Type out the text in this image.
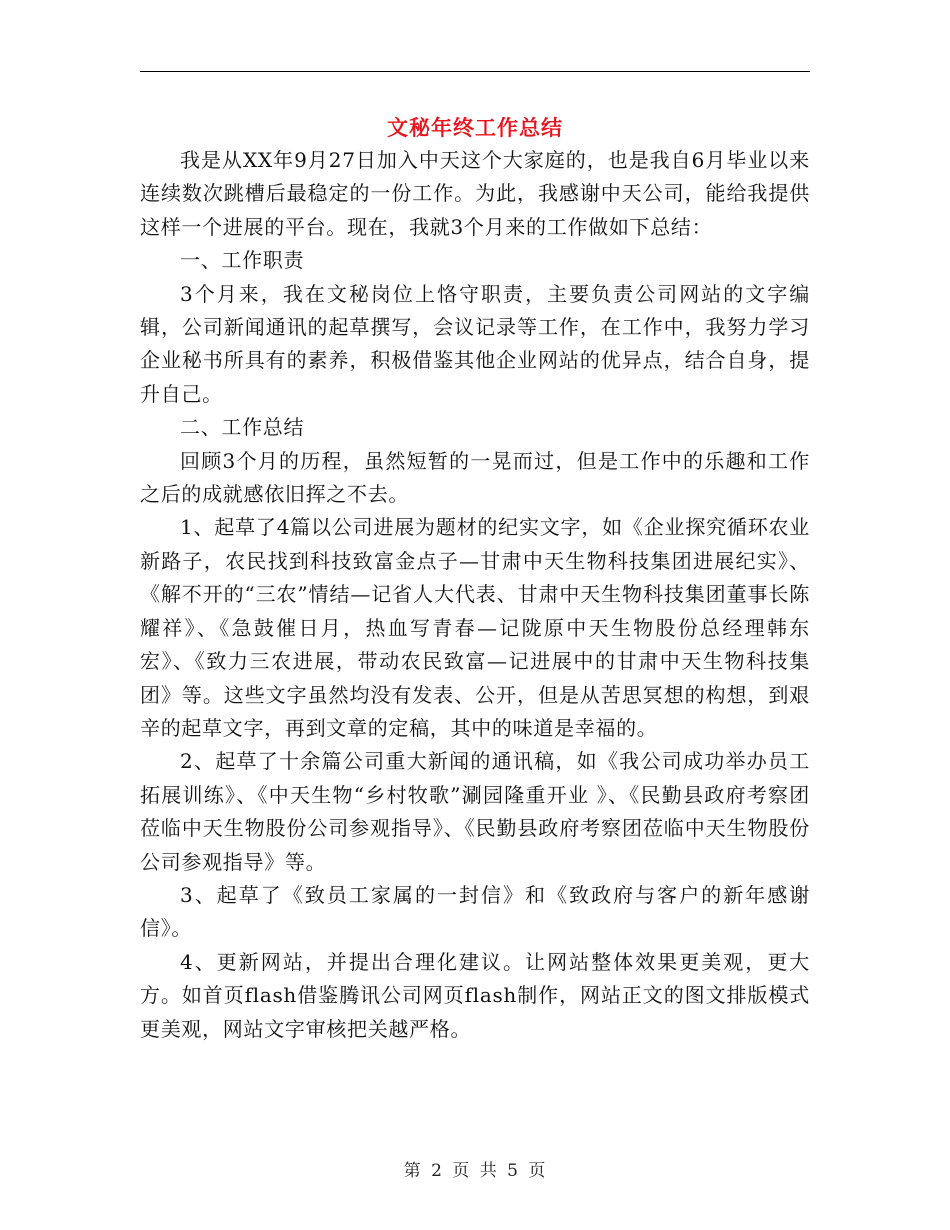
文秘年终工作总结

我是从XX年9月27日加入中天这个大家庭的，也是我自6月毕业以来连续数次跳槽后最稳定的一份工作。为此，我感谢中天公司，能给我提供这样一个进展的平台。现在，我就3个月来的工作做如下总结：

一、工作职责

3个月来，我在文秘岗位上恪守职责，主要负责公司网站的文字编辑，公司新闻通讯的起草撰写，会议记录等工作，在工作中，我努力学习企业秘书所具有的素养，积极借鉴其他企业网站的优异点，结合自身，提升自己。

二、工作总结

回顾3个月的历程，虽然短暂的一晃而过，但是工作中的乐趣和工作之后的成就感依旧挥之不去。

1、起草了4篇以公司进展为题材的纪实文字，如《企业探究循环农业新路子，农民找到科技致富金点子—甘肃中天生物科技集团进展纪实》、《解不开的“三农”情结—记省人大代表、甘肃中天生物科技集团董事长陈耀祥》、《急鼓催日月，热血写青春—记陇原中天生物股份总经理韩东宏》、《致力三农进展，带动农民致富—记进展中的甘肃中天生物科技集团》等。这些文字虽然均没有发表、公开，但是从苦思冥想的构想，到艰辛的起草文字，再到文章的定稿，其中的味道是幸福的。

2、起草了十余篇公司重大新闻的通讯稿，如《我公司成功举办员工拓展训练》、《中天生物“乡村牧歌”涮园隆重开业 》、《民勤县政府考察团莅临中天生物股份公司参观指导》、《民勤县政府考察团莅临中天生物股份公司参观指导》等。

3、起草了《致员工家属的一封信》和《致政府与客户的新年感谢信》。

4、更新网站，并提出合理化建议。让网站整体效果更美观，更大方。如首页flash借鉴腾讯公司网页flash制作，网站正文的图文排版模式更美观，网站文字审核把关越严格。

第 2 页 共 5 页
